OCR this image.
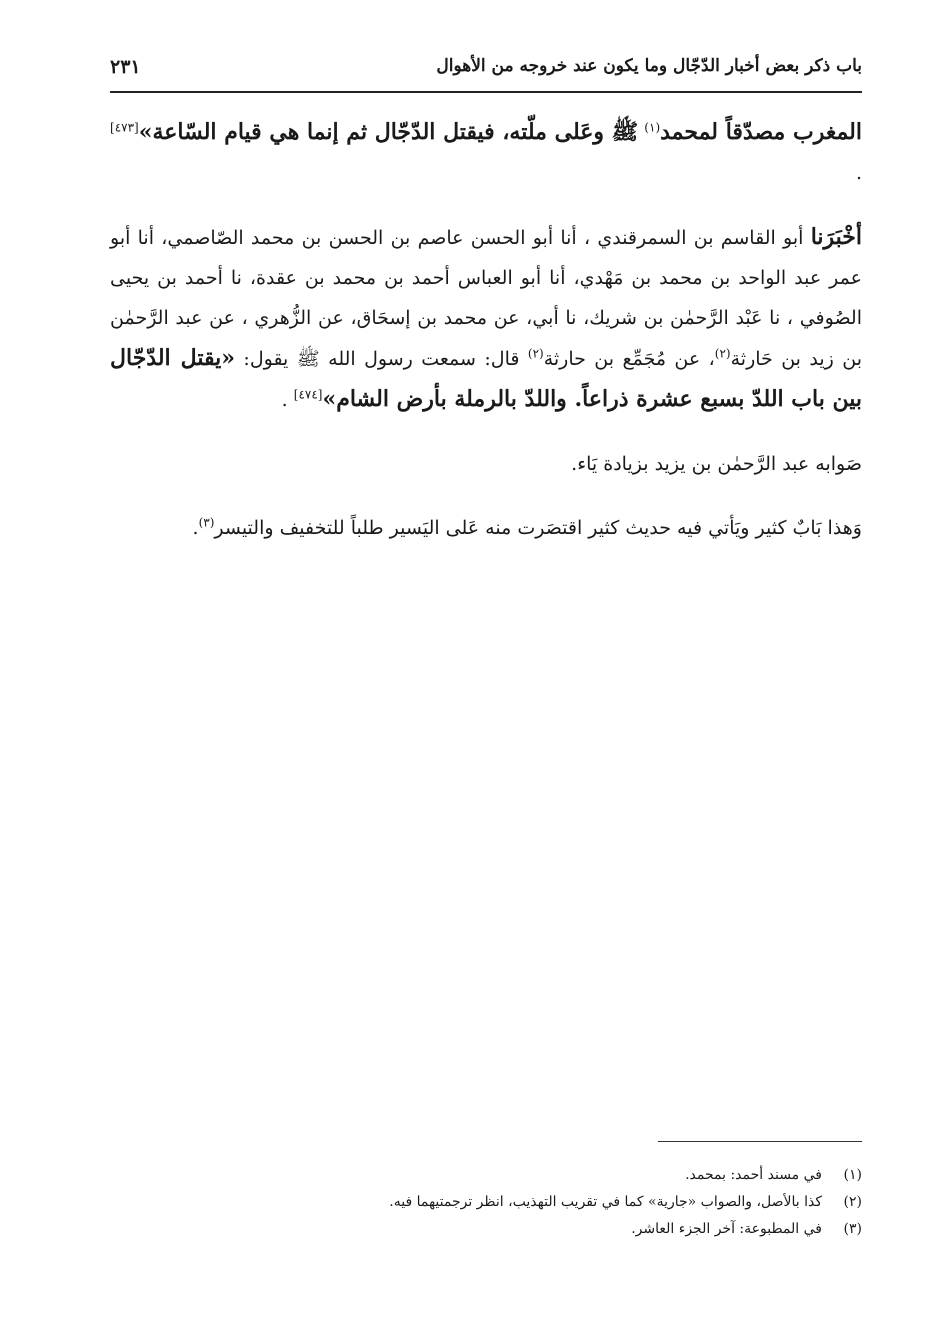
باب ذكر بعض أخبار الدّجّال وما يكون عند خروجه من الأهوال
٢٣١

المغرب مصدّقاً لمحمد$^{(١)}$ ﷺ وعَلى ملّته، فيقتل الدّجّال ثم إنما هي قيام السّاعة»[٤٧٣] .

أخْبَرَنا أبو القاسم بن السمرقندي ، أنا أبو الحسن عاصم بن الحسن بن محمد الصّاصمي، أنا أبو عمر عبد الواحد بن محمد بن مَهْدي، أنا أبو العباس أحمد بن محمد بن عقدة، نا أحمد بن يحيى الصُوفي ، نا عَبْد الرَّحمٰن بن شريك، نا أبي، عن محمد بن إسحَاق، عن الزُّهري ، عن عبد الرَّحمٰن بن زيد بن حَارثة$^{(٢)}$، عن مُجَمِّع بن حارثة$^{(٢)}$ قال: سمعت رسول الله ﷺ يقول: «يقتل الدّجّال بين باب اللدّ بسبع عشرة ذراعاً. واللدّ بالرملة بأرض الشام»[٤٧٤] .

صَوابه عبد الرَّحمٰن بن يزيد بزيادة يَاء.

وَهذا بَابٌ كثير ويَأتي فيه حديث كثير اقتصَرت منه عَلى اليَسير طلباً للتخفيف والتيسر$^{(٣)}$.

(١)في مسند أحمد: بمحمد.

(٢)كذا بالأصل، والصواب «جارية» كما في تقريب التهذيب، انظر ترجمتيهما فيه.

(٣)في المطبوعة: آخر الجزء العاشر.
